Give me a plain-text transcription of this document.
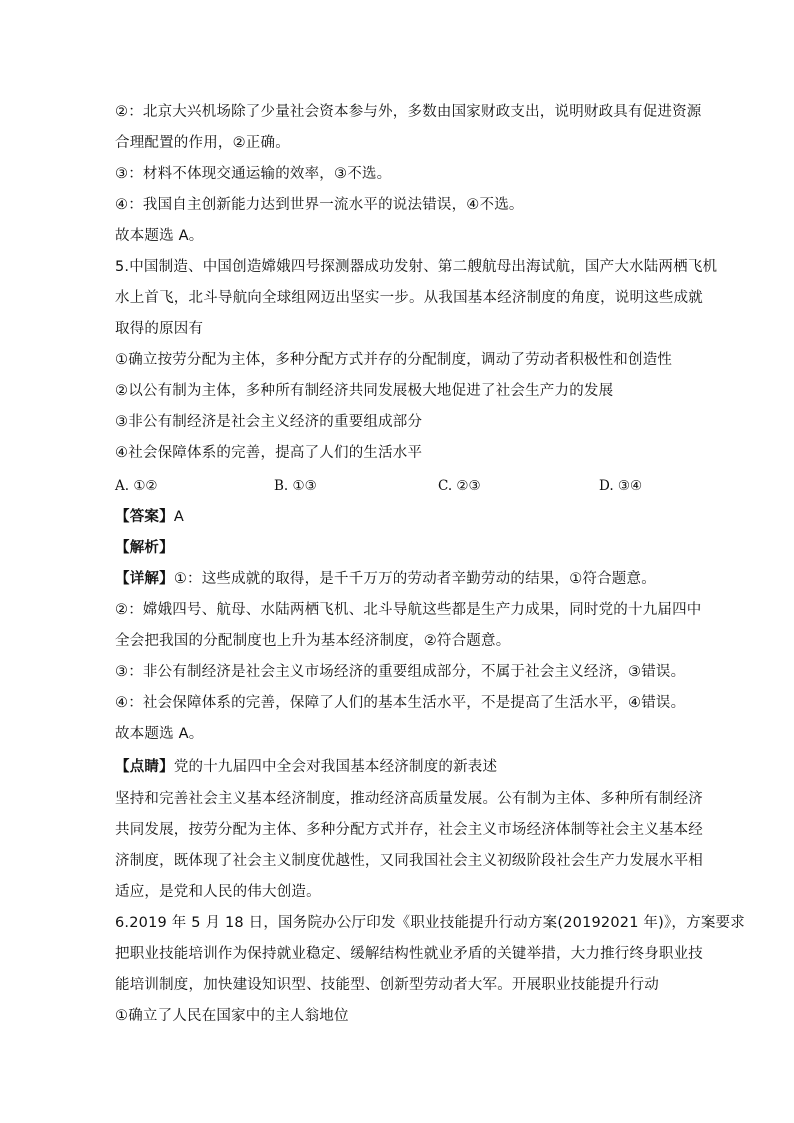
②：北京大兴机场除了少量社会资本参与外，多数由国家财政支出，说明财政具有促进资源
合理配置的作用，②正确。
③：材料不体现交通运输的效率，③不选。
④：我国自主创新能力达到世界一流水平的说法错误，④不选。
故本题选 A。
5.中国制造、中国创造嫦娥四号探测器成功发射、第二艘航母出海试航，国产大水陆两栖飞机
水上首飞，北斗导航向全球组网迈出坚实一步。从我国基本经济制度的角度，说明这些成就
取得的原因有
①确立按劳分配为主体，多种分配方式并存的分配制度，调动了劳动者积极性和创造性
②以公有制为主体，多种所有制经济共同发展极大地促进了社会生产力的发展
③非公有制经济是社会主义经济的重要组成部分
④社会保障体系的完善，提高了人们的生活水平
A. ①②	B. ①③	C. ②③	D. ③④
【答案】A
【解析】
【详解】①：这些成就的取得，是千千万万的劳动者辛勤劳动的结果，①符合题意。
②：嫦娥四号、航母、水陆两栖飞机、北斗导航这些都是生产力成果，同时党的十九届四中
全会把我国的分配制度也上升为基本经济制度，②符合题意。
③：非公有制经济是社会主义市场经济的重要组成部分，不属于社会主义经济，③错误。
④：社会保障体系的完善，保障了人们的基本生活水平，不是提高了生活水平，④错误。
故本题选 A。
【点睛】党的十九届四中全会对我国基本经济制度的新表述
坚持和完善社会主义基本经济制度，推动经济高质量发展。公有制为主体、多种所有制经济
共同发展，按劳分配为主体、多种分配方式并存，社会主义市场经济体制等社会主义基本经
济制度，既体现了社会主义制度优越性，又同我国社会主义初级阶段社会生产力发展水平相
适应，是党和人民的伟大创造。
6.2019 年 5 月 18 日，国务院办公厅印发《职业技能提升行动方案(20192021 年)》，方案要求
把职业技能培训作为保持就业稳定、缓解结构性就业矛盾的关键举措，大力推行终身职业技
能培训制度，加快建设知识型、技能型、创新型劳动者大军。开展职业技能提升行动
①确立了人民在国家中的主人翁地位
